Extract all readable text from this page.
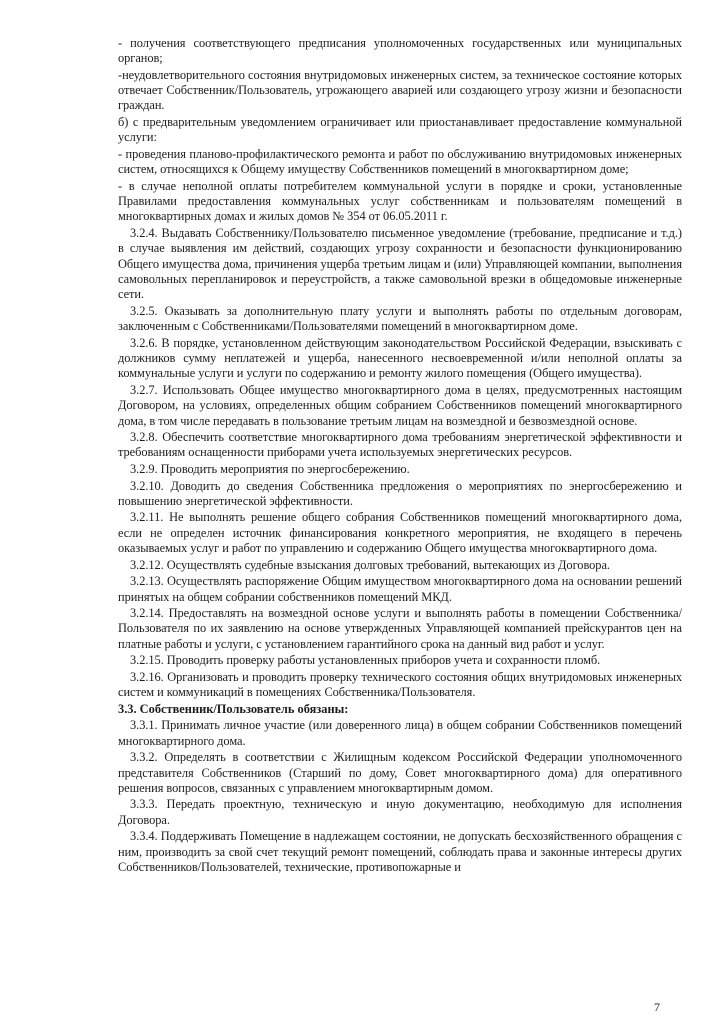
- получения соответствующего предписания уполномоченных государственных или муниципальных органов;

-неудовлетворительного состояния внутридомовых инженерных систем, за техническое состояние которых отвечает Собственник/Пользователь, угрожающего аварией или создающего угрозу жизни и безопасности граждан.

б) с предварительным уведомлением ограничивает или приостанавливает предоставление коммунальной услуги:

- проведения планово-профилактического ремонта и работ по обслуживанию внутридомовых инженерных систем, относящихся к Общему имуществу Собственников помещений в многоквартирном доме;

- в случае неполной оплаты потребителем коммунальной услуги в порядке и сроки, установленные Правилами предоставления коммунальных услуг собственникам и пользователям помещений в многоквартирных домах и жилых домов № 354 от 06.05.2011 г.

3.2.4. Выдавать Собственнику/Пользователю письменное уведомление (требование, предписание и т.д.) в случае выявления им действий, создающих угрозу сохранности и безопасности функционированию Общего имущества дома, причинения ущерба третьим лицам и (или) Управляющей компании, выполнения самовольных перепланировок и переустройств, а также самовольной врезки в общедомовые инженерные сети.

3.2.5. Оказывать за дополнительную плату услуги и выполнять работы по отдельным договорам, заключенным с Собственниками/Пользователями помещений в многоквартирном доме.

3.2.6. В порядке, установленном действующим законодательством Российской Федерации, взыскивать с должников сумму неплатежей и ущерба, нанесенного несвоевременной и/или неполной оплаты за коммунальные услуги и услуги по содержанию и ремонту жилого помещения (Общего имущества).

3.2.7. Использовать Общее имущество многоквартирного дома в целях, предусмотренных настоящим Договором, на условиях, определенных общим собранием Собственников помещений многоквартирного дома, в том числе передавать в пользование третьим лицам на возмездной и безвозмездной основе.

3.2.8. Обеспечить соответствие многоквартирного дома требованиям энергетической эффективности и требованиям оснащенности приборами учета используемых энергетических ресурсов.

3.2.9. Проводить мероприятия по энергосбережению.

3.2.10. Доводить до сведения Собственника предложения о мероприятиях по энергосбережению и повышению энергетической эффективности.

3.2.11. Не выполнять решение общего собрания Собственников помещений многоквартирного дома, если не определен источник финансирования конкретного мероприятия, не входящего в перечень оказываемых услуг и работ по управлению и содержанию Общего имущества многоквартирного дома.

3.2.12. Осуществлять судебные взыскания долговых требований, вытекающих из Договора.

3.2.13. Осуществлять распоряжение Общим имуществом многоквартирного дома на основании решений принятых на общем собрании собственников помещений МКД.

3.2.14. Предоставлять на возмездной основе услуги и выполнять работы в помещении Собственника/Пользователя по их заявлению на основе утвержденных Управляющей компанией прейскурантов цен на платные работы и услуги, с установлением гарантийного срока на данный вид работ и услуг.

3.2.15. Проводить проверку работы установленных приборов учета и сохранности пломб.

3.2.16. Организовать и проводить проверку технического состояния общих внутридомовых инженерных систем и коммуникаций в помещениях Собственника/Пользователя.

3.3. Собственник/Пользователь обязаны:

3.3.1. Принимать личное участие (или доверенного лица) в общем собрании Собственников помещений многоквартирного дома.

3.3.2. Определять в соответствии с Жилищным кодексом Российской Федерации уполномоченного представителя Собственников (Старший по дому, Совет многоквартирного дома) для оперативного решения вопросов, связанных с управлением многоквартирным домом.

3.3.3. Передать проектную, техническую и иную документацию, необходимую для исполнения Договора.

3.3.4. Поддерживать Помещение в надлежащем состоянии, не допускать бесхозяйственного обращения с ним, производить за свой счет текущий ремонт помещений, соблюдать права и законные интересы других Собственников/Пользователей, технические, противопожарные и

7
